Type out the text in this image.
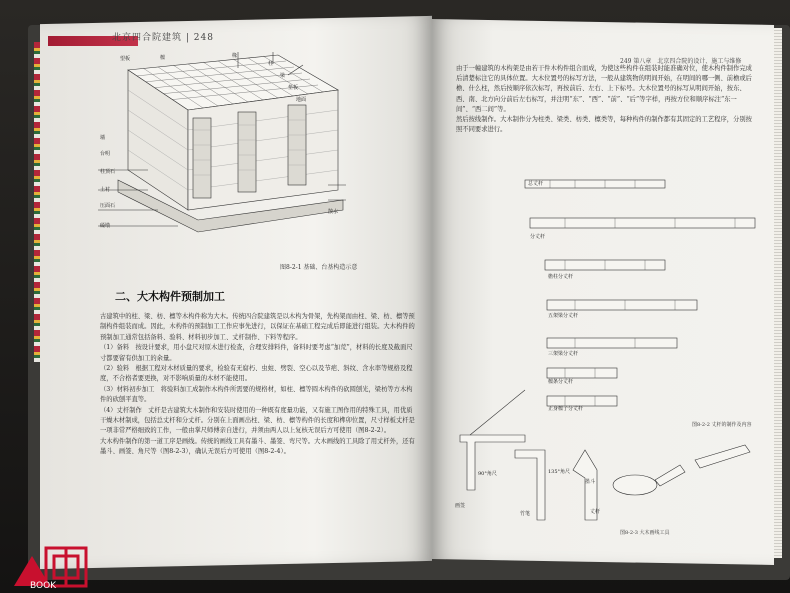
北京四合院建筑 | 248
望板	檩	椽
柱
梁
垫板
地面
墙
台明
柱顶石
土衬
压面石
磉墩
散水
图8-2-1 基础、台基构造示意
二、大木构件预制加工

古建筑中的柱、梁、枋、檩等木构件称为大木。传统四合院建筑是以木构为骨架，先构架而由柱、梁、枋、檩等预制构件组装而成。因此，木构件的预制加工工作应事先进行，以保证在基础工程完成后即能进行组装。大木构件的预制加工通常包括备料、验料、材料初步加工、丈杆制作、下料等程序。

（1）备料　按设计要求，用小盘尺对原木进行检查，合理安排料件，备料时要考虑“加荒”，材料的长度及截面尺寸都要留有供加工的余量。

（2）验料　根据工程对木材质量的要求，检验有无腐朽、虫蛀、劈裂、空心以及节疤、斜纹、含水率等规格及程度，不合格者要更换，对不影响质量的木材不能使用。

（3）材料初步加工　将验料加工成制作木构件所需要的规格材，如柱、檩等圆木构件的砍圆刨光，梁枋等方木构件的砍刨平直等。

（4）丈杆制作　丈杆是古建筑大木制作和安装时使用的一种既有度量功能，又有施工图作用的特殊工具，用优质干燥木材制成，包括总丈杆和分丈杆。分别在上面画出柱、梁、枋、檩等构件的长度和榫卯位置，尺寸样板丈杆是一项非常严格细致的工作，一般由掌尺师傅亲自进行，并须由两人以上复核无误后方可使用（图8-2-2）。

大木构件制作的第一道工序是画线。传统的画线工具有墨斗、墨签、弯尺等。大木画线的工具除了用丈杆外，还有墨斗、画签、角尺等（图8-2-3），确认无误后方可使用（图8-2-4）。

249 第八章　北京四合院的设计、施工与维修

由于一幢建筑的木构架是由若干件木构件组合而成，为使这些构件在组装时能准确对位，使木构件制作完成后清楚标注它的具体位置。大木位置号的标写方法，一般从建筑物的明间开始，在明间的哪一侧、前檐或后檐、什么柱，然后按顺序依次标写，再按前后、左右、上下标号。大木位置号的标写从明间开始，按东、西、南、北方向分前后左右标写，并注明“东”、“西”、“前”、“后”等字样，再按方位和顺序标注“东一间”、“西二间”等。

然后按线制作。大木制作分为柱类、梁类、枋类、檩类等，每种构件的制作都有其固定的工艺程序，分别按照不同要求进行。

总丈杆
分丈杆
檐柱分丈杆
五架梁分丈杆
三架梁分丈杆
檩条分丈杆
正身檩子分丈杆
90°角尺	135°角尺
墨斗
画签
竹笔	丈杆
图8-2-2 丈杆的制作及内容
图8-2-3 大木画线工具
BOOK
